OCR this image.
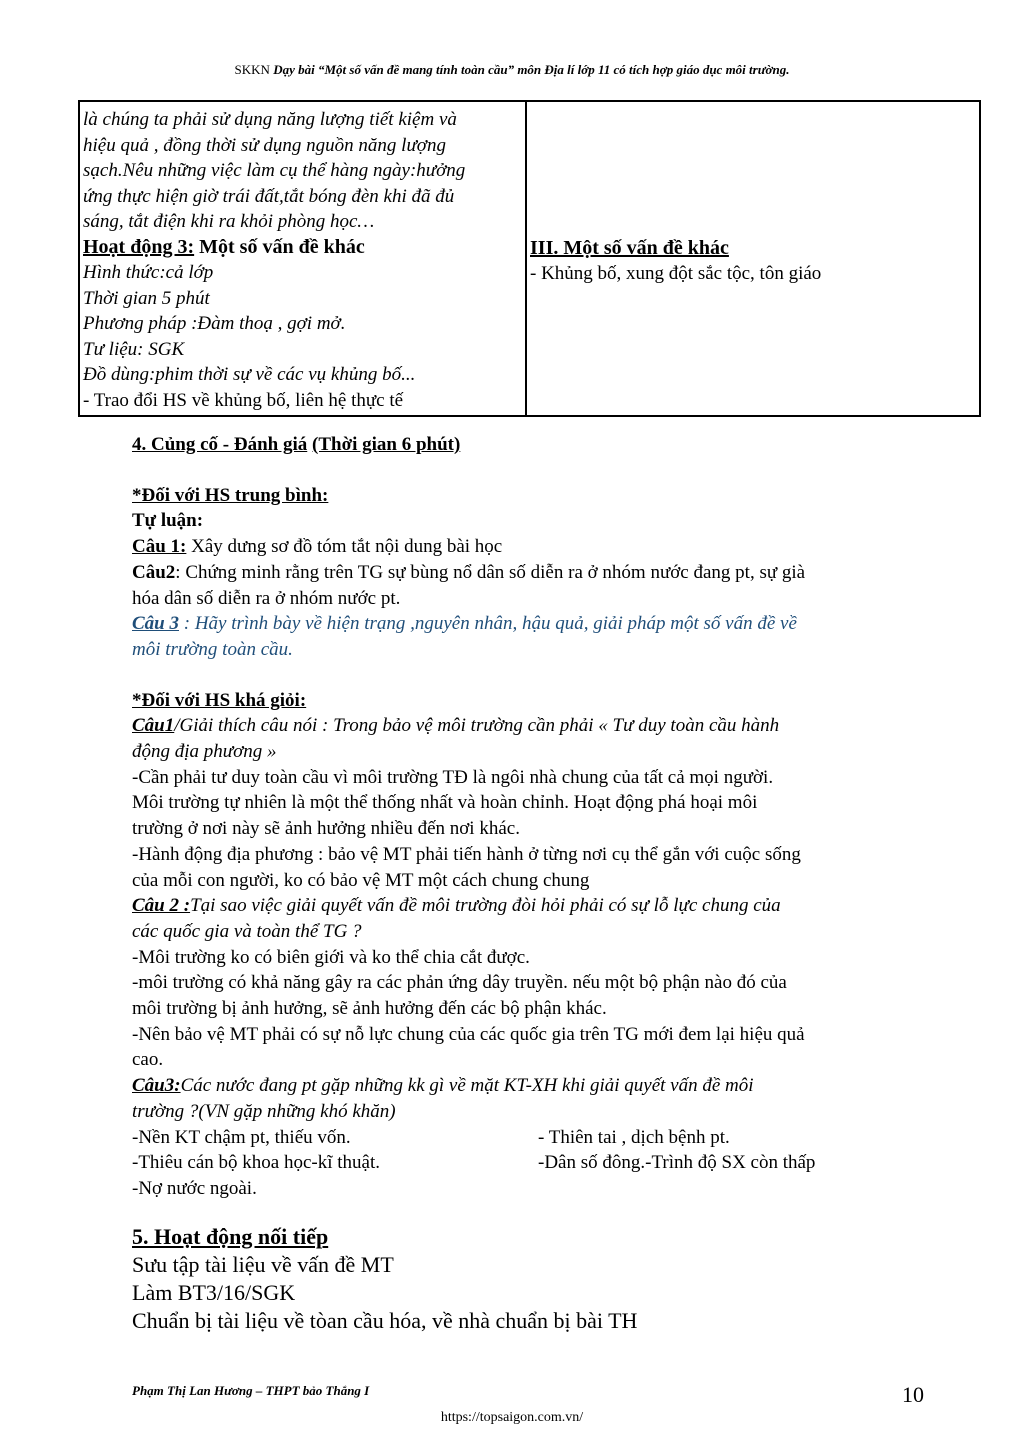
SKKN Dạy bài “Một số vấn đề mang tính toàn cầu” môn Địa lí lớp 11 có tích hợp giáo dục môi trường.
là chúng ta phải sử dụng năng lượng tiết kiệm và
hiệu quả , đồng thời sử dụng nguồn năng lượng
sạch.Nêu những việc làm cụ thể hàng ngày:hưởng
ứng thực hiện giờ trái đất,tắt bóng đèn khi đã đủ
sáng, tắt điện khi ra khỏi phòng học…
Hoạt động 3: Một số vấn đề khác
Hình thức:cả lớp
Thời gian 5 phút
Phương pháp :Đàm thoạ , gợi mở.
Tư liệu: SGK
Đồ dùng:phim thời sự về các vụ khủng bố...
- Trao đổi HS về khủng bố, liên hệ thực tế

III. Một số vấn đề khác
- Khủng bố, xung đột sắc tộc, tôn giáo

4. Củng cố - Đánh giá (Thời gian 6 phút)

*Đối với HS trung bình:

Tự luận:

Câu 1: Xây dưng sơ đồ tóm tắt nội dung bài học

Câu2: Chứng minh rằng trên TG sự bùng nổ dân số diễn ra ở nhóm nước đang pt, sự già

hóa dân số diễn ra ở nhóm nước pt.

Câu 3 : Hãy trình bày về hiện trạng ,nguyên nhân, hậu quả, giải pháp một số vấn đề về

môi trường toàn cầu.

*Đối với HS khá giỏi:

Câu1/Giải thích câu nói : Trong bảo vệ môi trường cần phải « Tư duy toàn cầu hành

động địa phương »

-Cần phải tư duy toàn cầu vì môi trường TĐ là ngôi nhà chung của tất cả mọi người.

Môi trường tự nhiên là một thể thống nhất và hoàn chỉnh. Hoạt động phá hoại môi

trường ở nơi này sẽ ảnh hưởng nhiều đến nơi khác.

-Hành động địa phương : bảo vệ MT phải tiến hành ở từng nơi cụ thể gắn với cuộc sống

của mỗi con người, ko có bảo vệ MT một cách chung chung

Câu 2 :Tại sao việc giải quyết vấn đề môi trường đòi hỏi phải có sự lỗ lực chung của

các quốc gia và toàn thể TG ?

-Môi trường ko có biên giới và ko thể chia cắt được.

-môi trường có khả năng gây ra các phản ứng dây truyền. nếu một bộ phận nào đó của

môi trường bị ảnh hưởng, sẽ ảnh hưởng đến các bộ phận khác.

-Nên bảo vệ MT phải có sự nỗ lực chung của các quốc gia trên TG mới đem lại hiệu quả

cao.

Câu3:Các nước đang pt gặp những kk gì về mặt KT-XH khi giải quyết vấn đề môi

trường ?(VN gặp những khó khăn)

-Nền KT chậm pt, thiếu vốn.	- Thiên tai , dịch bệnh pt.
-Thiêu cán bộ khoa học-kĩ thuật.	-Dân số đông.-Trình độ SX còn thấp

-Nợ nước ngoài.

5. Hoạt động nối tiếp

Sưu tập tài liệu về vấn đề MT

Làm BT3/16/SGK

Chuẩn bị tài liệu về tòan cầu hóa, về nhà chuẩn bị bài TH

Phạm Thị Lan Hương – THPT bảo Thắng I	10
https://topsaigon.com.vn/
